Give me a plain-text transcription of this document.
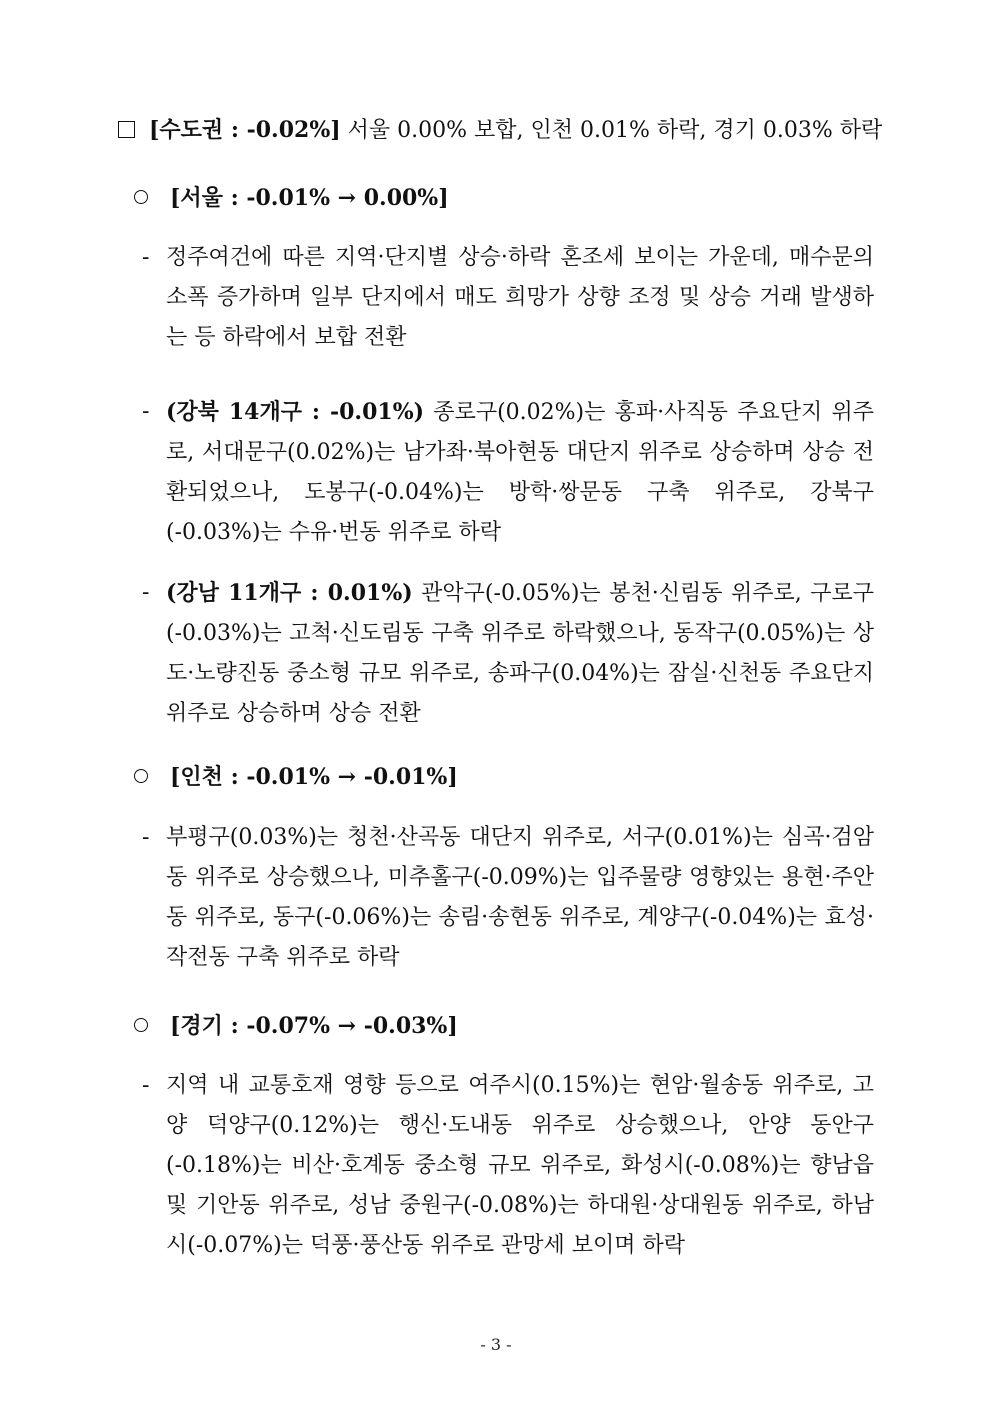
[수도권 : -0.02%] 서울 0.00% 보합, 인천 0.01% 하락, 경기 0.03% 하락
[서울 : -0.01% → 0.00%]
- 정주여건에 따른 지역·단지별 상승·하락 혼조세 보이는 가운데, 매수문의 소폭 증가하며 일부 단지에서 매도 희망가 상향 조정 및 상승 거래 발생하는 등 하락에서 보합 전환
- (강북 14개구 : -0.01%) 종로구(0.02%)는 홍파·사직동 주요단지 위주로, 서대문구(0.02%)는 남가좌·북아현동 대단지 위주로 상승하며 상승 전환되었으나, 도봉구(-0.04%)는 방학·쌍문동 구축 위주로, 강북구(-0.03%)는 수유·번동 위주로 하락
- (강남 11개구 : 0.01%) 관악구(-0.05%)는 봉천·신림동 위주로, 구로구(-0.03%)는 고척·신도림동 구축 위주로 하락했으나, 동작구(0.05%)는 상도·노량진동 중소형 규모 위주로, 송파구(0.04%)는 잠실·신천동 주요단지 위주로 상승하며 상승 전환
[인천 : -0.01% → -0.01%]
- 부평구(0.03%)는 청천·산곡동 대단지 위주로, 서구(0.01%)는 심곡·검암동 위주로 상승했으나, 미추홀구(-0.09%)는 입주물량 영향있는 용현·주안동 위주로, 동구(-0.06%)는 송림·송현동 위주로, 계양구(-0.04%)는 효성·작전동 구축 위주로 하락
[경기 : -0.07% → -0.03%]
- 지역 내 교통호재 영향 등으로 여주시(0.15%)는 현암·월송동 위주로, 고양 덕양구(0.12%)는 행신·도내동 위주로 상승했으나, 안양 동안구(-0.18%)는 비산·호계동 중소형 규모 위주로, 화성시(-0.08%)는 향남읍 및 기안동 위주로, 성남 중원구(-0.08%)는 하대원·상대원동 위주로, 하남시(-0.07%)는 덕풍·풍산동 위주로 관망세 보이며 하락
- 3 -
